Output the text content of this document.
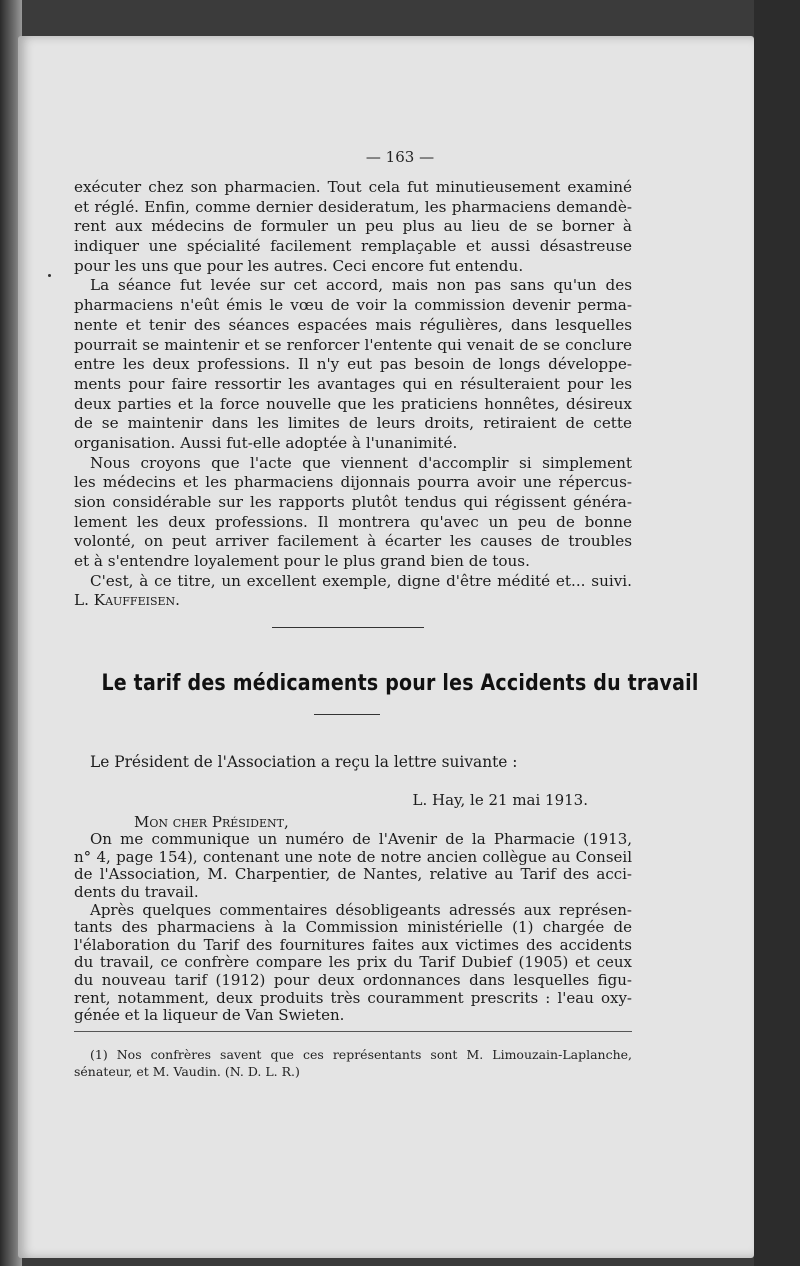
— 163 —
exécuter chez son pharmacien. Tout cela fut minutieusement examiné
et réglé. Enfin, comme dernier desideratum, les pharmaciens demandè-
rent aux médecins de formuler un peu plus au lieu de se borner à
indiquer une spécialité facilement remplaçable et aussi désastreuse
pour les uns que pour les autres. Ceci encore fut entendu.
La séance fut levée sur cet accord, mais non pas sans qu'un des
pharmaciens n'eût émis le vœu de voir la commission devenir perma-
nente et tenir des séances espacées mais régulières, dans lesquelles
pourrait se maintenir et se renforcer l'entente qui venait de se conclure
entre les deux professions. Il n'y eut pas besoin de longs développe-
ments pour faire ressortir les avantages qui en résulteraient pour les
deux parties et la force nouvelle que les praticiens honnêtes, désireux
de se maintenir dans les limites de leurs droits, retiraient de cette
organisation. Aussi fut-elle adoptée à l'unanimité.
Nous croyons que l'acte que viennent d'accomplir si simplement
les médecins et les pharmaciens dijonnais pourra avoir une répercus-
sion considérable sur les rapports plutôt tendus qui régissent généra-
lement les deux professions. Il montrera qu'avec un peu de bonne
volonté, on peut arriver facilement à écarter les causes de troubles
et à s'entendre loyalement pour le plus grand bien de tous.
C'est, à ce titre, un excellent exemple, digne d'être médité et... suivi.
L. Kauffeisen.
Le tarif des médicaments pour les Accidents du travail
Le Président de l'Association a reçu la lettre suivante :
L. Hay, le 21 mai 1913.
Mon cher Président,
On me communique un numéro de l'Avenir de la Pharmacie (1913,
n° 4, page 154), contenant une note de notre ancien collègue au Conseil
de l'Association, M. Charpentier, de Nantes, relative au Tarif des acci-
dents du travail.
Après quelques commentaires désobligeants adressés aux représen-
tants des pharmaciens à la Commission ministérielle (1) chargée de
l'élaboration du Tarif des fournitures faites aux victimes des accidents
du travail, ce confrère compare les prix du Tarif Dubief (1905) et ceux
du nouveau tarif (1912) pour deux ordonnances dans lesquelles figu-
rent, notamment, deux produits très couramment prescrits : l'eau oxy-
génée et la liqueur de Van Swieten.
(1) Nos confrères savent que ces représentants sont M. Limouzain-Laplanche,
sénateur, et M. Vaudin. (N. D. L. R.)
